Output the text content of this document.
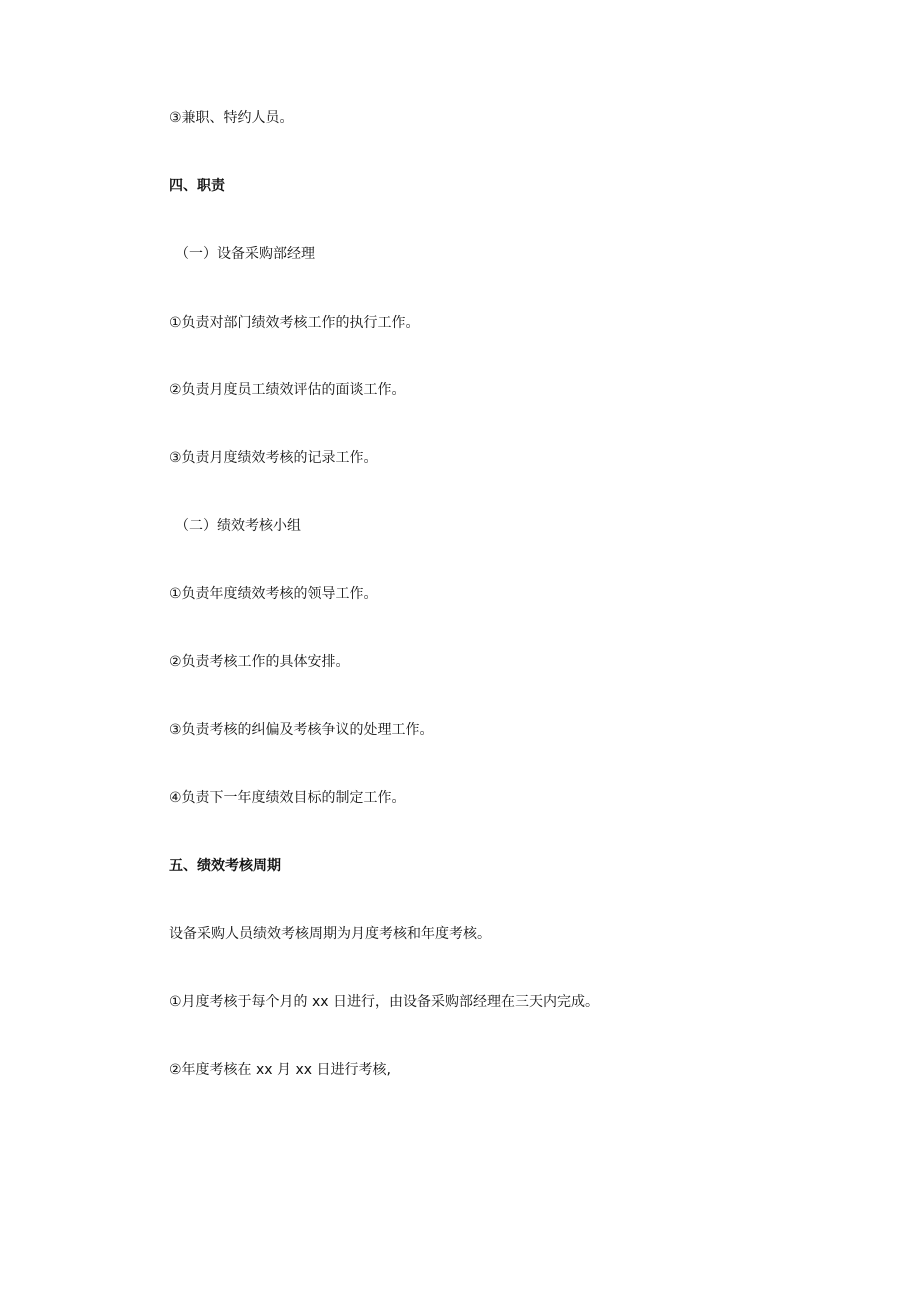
③兼职、特约人员。
四、职责
（一）设备采购部经理
①负责对部门绩效考核工作的执行工作。
②负责月度员工绩效评估的面谈工作。
③负责月度绩效考核的记录工作。
（二）绩效考核小组
①负责年度绩效考核的领导工作。
②负责考核工作的具体安排。
③负责考核的纠偏及考核争议的处理工作。
④负责下一年度绩效目标的制定工作。
五、绩效考核周期
设备采购人员绩效考核周期为月度考核和年度考核。
①月度考核于每个月的 xx 日进行，由设备采购部经理在三天内完成。
②年度考核在 xx 月 xx 日进行考核,
